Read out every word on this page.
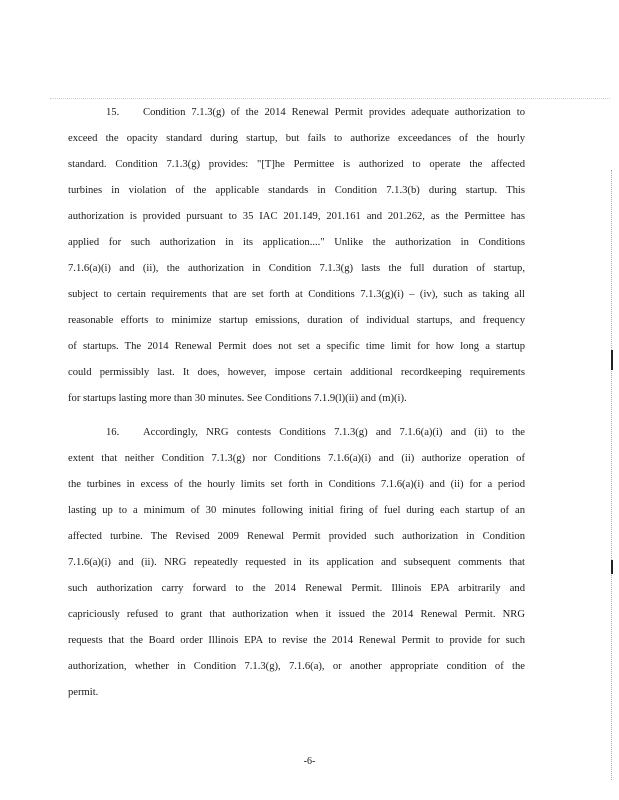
15. Condition 7.1.3(g) of the 2014 Renewal Permit provides adequate authorization to
exceed the opacity standard during startup, but fails to authorize exceedances of the hourly
standard. Condition 7.1.3(g) provides: "[T]he Permittee is authorized to operate the affected
turbines in violation of the applicable standards in Condition 7.1.3(b) during startup. This
authorization is provided pursuant to 35 IAC 201.149, 201.161 and 201.262, as the Permittee has
applied for such authorization in its application...." Unlike the authorization in Conditions
7.1.6(a)(i) and (ii), the authorization in Condition 7.1.3(g) lasts the full duration of startup,
subject to certain requirements that are set forth at Conditions 7.1.3(g)(i) – (iv), such as taking all
reasonable efforts to minimize startup emissions, duration of individual startups, and frequency
of startups. The 2014 Renewal Permit does not set a specific time limit for how long a startup
could permissibly last. It does, however, impose certain additional recordkeeping requirements
for startups lasting more than 30 minutes. See Conditions 7.1.9(l)(ii) and (m)(i).
16. Accordingly, NRG contests Conditions 7.1.3(g) and 7.1.6(a)(i) and (ii) to the
extent that neither Condition 7.1.3(g) nor Conditions 7.1.6(a)(i) and (ii) authorize operation of
the turbines in excess of the hourly limits set forth in Conditions 7.1.6(a)(i) and (ii) for a period
lasting up to a minimum of 30 minutes following initial firing of fuel during each startup of an
affected turbine. The Revised 2009 Renewal Permit provided such authorization in Condition
7.1.6(a)(i) and (ii). NRG repeatedly requested in its application and subsequent comments that
such authorization carry forward to the 2014 Renewal Permit. Illinois EPA arbitrarily and
capriciously refused to grant that authorization when it issued the 2014 Renewal Permit. NRG
requests that the Board order Illinois EPA to revise the 2014 Renewal Permit to provide for such
authorization, whether in Condition 7.1.3(g), 7.1.6(a), or another appropriate condition of the
permit.
-6-
